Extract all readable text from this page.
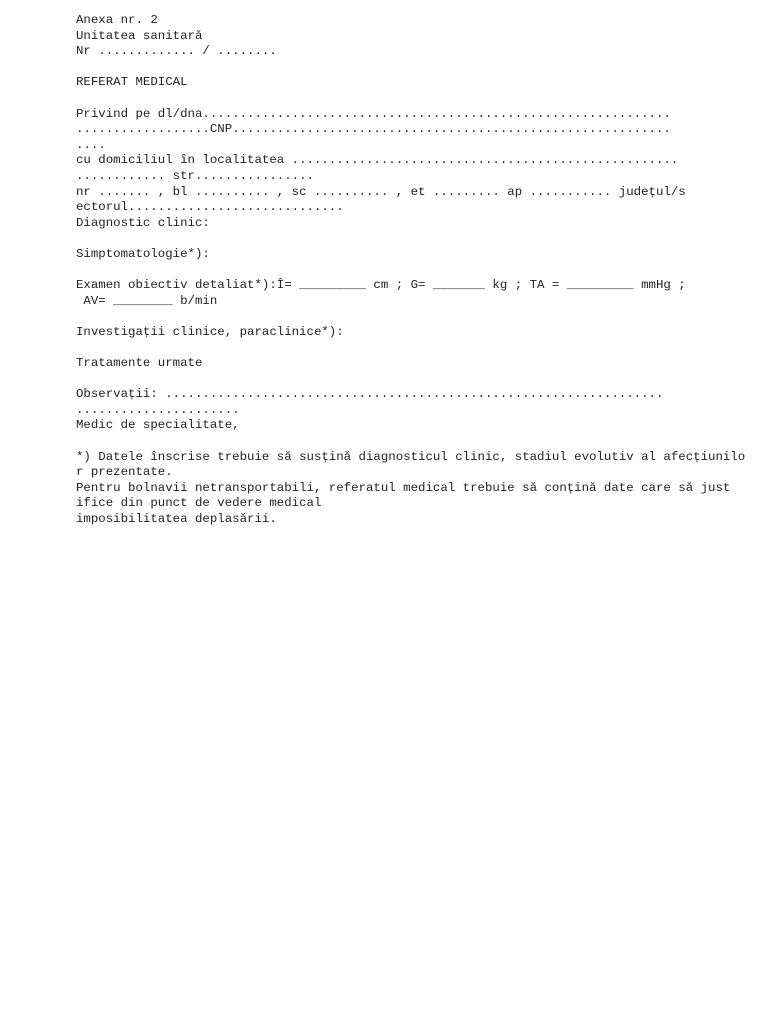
Anexa nr. 2
Unitatea sanitară
Nr ............. / ........
REFERAT MEDICAL
Privind pe dl/dna...............................................................
..................CNP...........................................................
....
cu domiciliul în localitatea ....................................................
............ str................
nr ....... , bl .......... , sc .......... , et ......... ap ........... județul/s
ectorul.............................
Diagnostic clinic:
Simptomatologie*):
Examen obiectiv detaliat*):Î= _________ cm ; G= _______ kg ; TA = _________ mmHg ;
AV= ________ b/min
Investigații clinice, paraclinice*):
Tratamente urmate
Observații: ...................................................................
......................
Medic de specialitate,
*) Datele înscrise trebuie să susțină diagnosticul clinic, stadiul evolutiv al afecțiunilo
r prezentate.
Pentru bolnavii netransportabili, referatul medical trebuie să conțină date care să just
ifice din punct de vedere medical
imposibilitatea deplasării.
